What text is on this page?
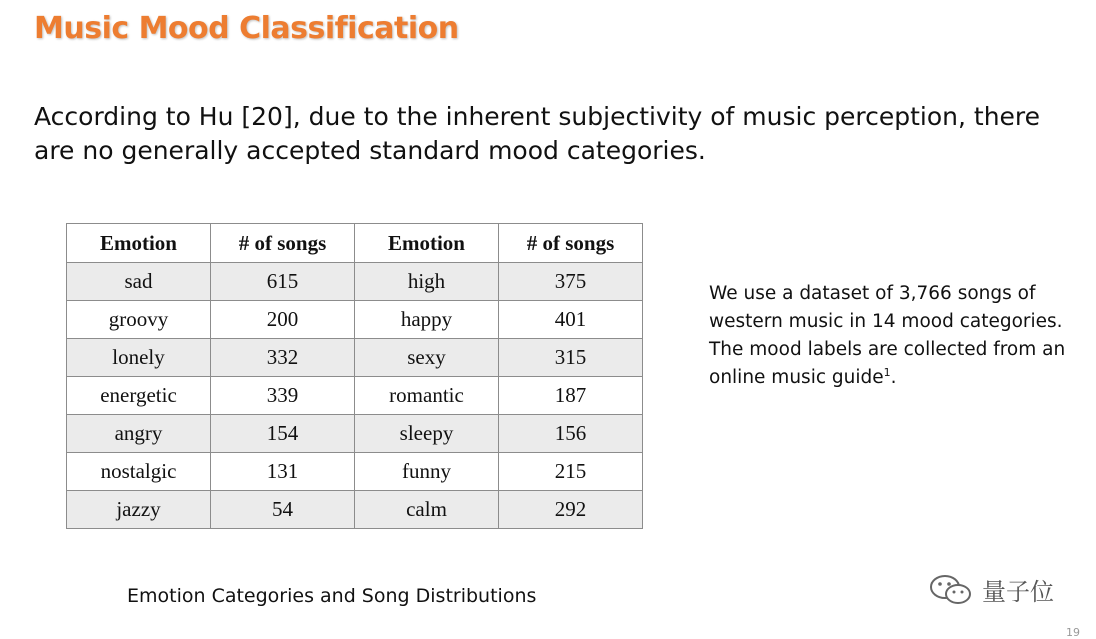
Music Mood Classification

According to Hu [20], due to the inherent subjectivity of music perception, there are no generally accepted standard mood categories.

Emotion	# of songs	Emotion	# of songs
sad	615	high	375
groovy	200	happy	401
lonely	332	sexy	315
energetic	339	romantic	187
angry	154	sleepy	156
nostalgic	131	funny	215
jazzy	54	calm	292

We use a dataset of 3,766 songs of western music in 14 mood categories. The mood labels are collected from an online music guide$^1$.

Emotion Categories and Song Distributions	量子位
19
